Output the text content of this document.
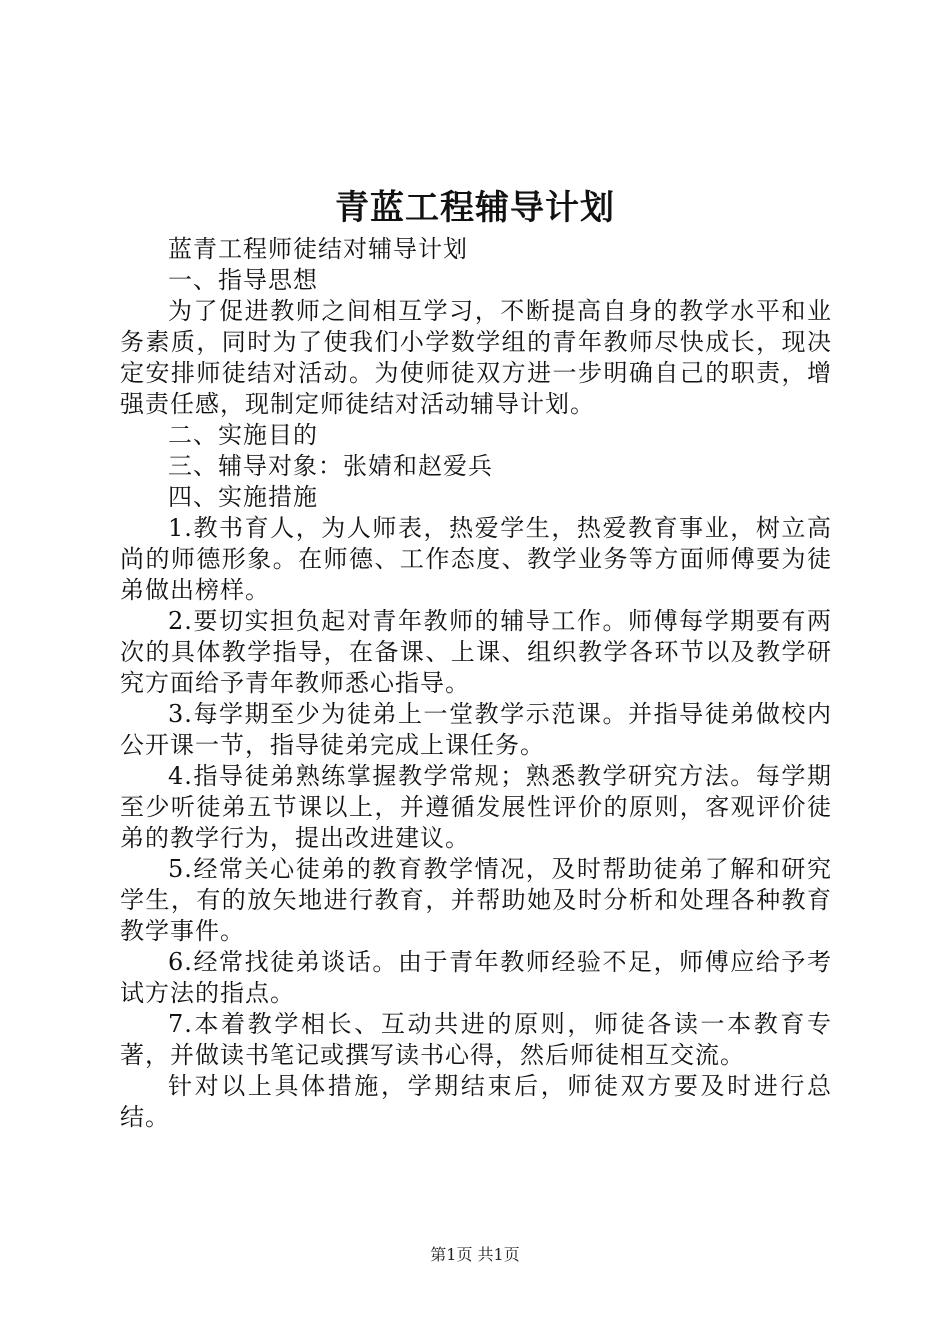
青蓝工程辅导计划

蓝青工程师徒结对辅导计划

一、指导思想

为了促进教师之间相互学习，不断提高自身的教学水平和业务素质，同时为了使我们小学数学组的青年教师尽快成长，现决定安排师徒结对活动。为使师徒双方进一步明确自己的职责，增强责任感，现制定师徒结对活动辅导计划。

二、实施目的

三、辅导对象：张婧和赵爱兵

四、实施措施

1.教书育人，为人师表，热爱学生，热爱教育事业，树立高尚的师德形象。在师德、工作态度、教学业务等方面师傅要为徒弟做出榜样。

2.要切实担负起对青年教师的辅导工作。师傅每学期要有两次的具体教学指导，在备课、上课、组织教学各环节以及教学研究方面给予青年教师悉心指导。

3.每学期至少为徒弟上一堂教学示范课。并指导徒弟做校内公开课一节，指导徒弟完成上课任务。

4.指导徒弟熟练掌握教学常规；熟悉教学研究方法。每学期至少听徒弟五节课以上，并遵循发展性评价的原则，客观评价徒弟的教学行为，提出改进建议。

5.经常关心徒弟的教育教学情况，及时帮助徒弟了解和研究学生，有的放矢地进行教育，并帮助她及时分析和处理各种教育教学事件。

6.经常找徒弟谈话。由于青年教师经验不足，师傅应给予考试方法的指点。

7.本着教学相长、互动共进的原则，师徒各读一本教育专著，并做读书笔记或撰写读书心得，然后师徒相互交流。

针对以上具体措施，学期结束后，师徒双方要及时进行总结。

第1页 共1页
